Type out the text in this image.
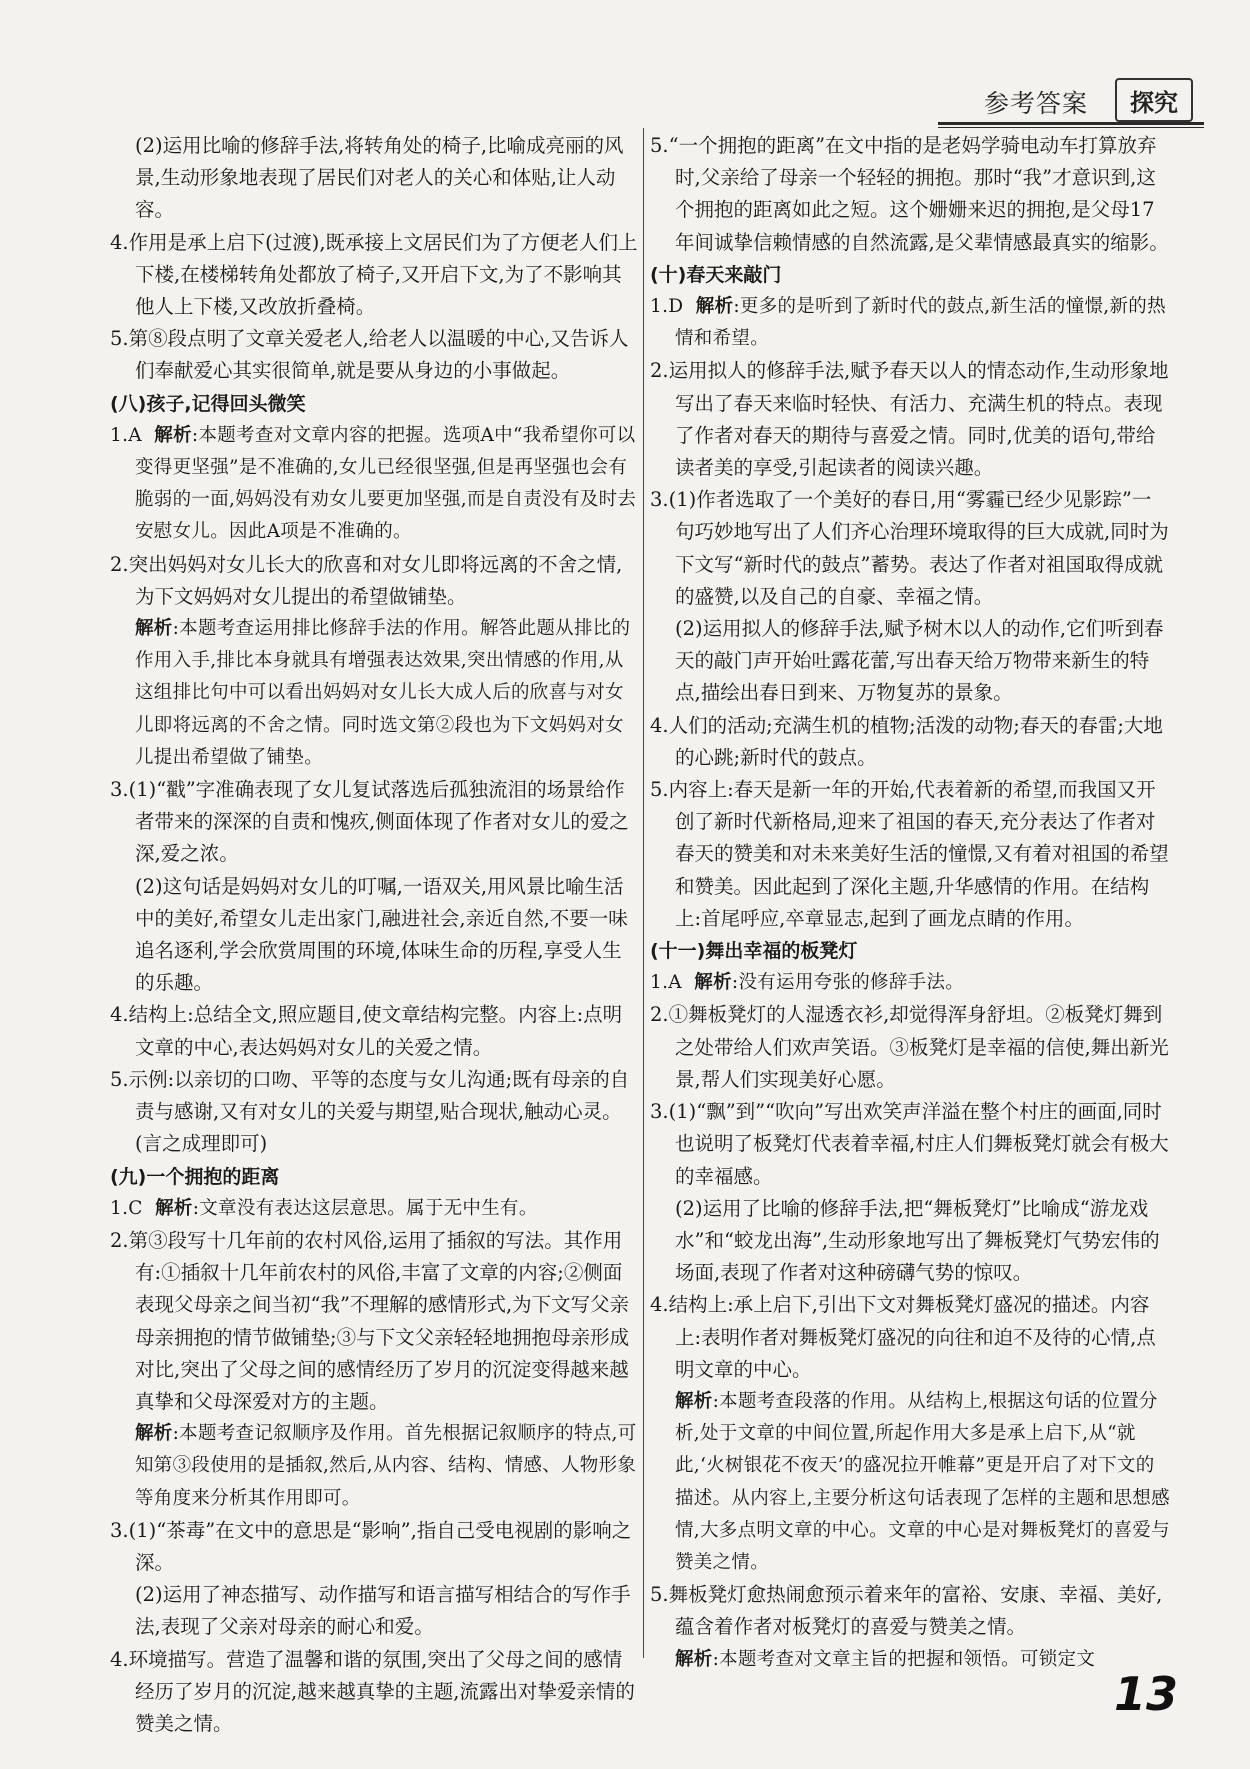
参考答案	探究
(2)运用比喻的修辞手法,将转角处的椅子,比喻成亮丽的风景,生动形象地表现了居民们对老人的关心和体贴,让人动容。
4.作用是承上启下(过渡),既承接上文居民们为了方便老人们上下楼,在楼梯转角处都放了椅子,又开启下文,为了不影响其他人上下楼,又改放折叠椅。
5.第⑧段点明了文章关爱老人,给老人以温暖的中心,又告诉人们奉献爱心其实很简单,就是要从身边的小事做起。
(八)孩子,记得回头微笑
1.A 解析:本题考查对文章内容的把握。选项A中“我希望你可以变得更坚强”是不准确的,女儿已经很坚强,但是再坚强也会有脆弱的一面,妈妈没有劝女儿要更加坚强,而是自责没有及时去安慰女儿。因此A项是不准确的。
2.突出妈妈对女儿长大的欣喜和对女儿即将远离的不舍之情,为下文妈妈对女儿提出的希望做铺垫。
解析:本题考查运用排比修辞手法的作用。解答此题从排比的作用入手,排比本身就具有增强表达效果,突出情感的作用,从这组排比句中可以看出妈妈对女儿长大成人后的欣喜与对女儿即将远离的不舍之情。同时选文第②段也为下文妈妈对女儿提出希望做了铺垫。
3.(1)“戳”字准确表现了女儿复试落选后孤独流泪的场景给作者带来的深深的自责和愧疚,侧面体现了作者对女儿的爱之深,爱之浓。
(2)这句话是妈妈对女儿的叮嘱,一语双关,用风景比喻生活中的美好,希望女儿走出家门,融进社会,亲近自然,不要一味追名逐利,学会欣赏周围的环境,体味生命的历程,享受人生的乐趣。
4.结构上:总结全文,照应题目,使文章结构完整。内容上:点明文章的中心,表达妈妈对女儿的关爱之情。
5.示例:以亲切的口吻、平等的态度与女儿沟通;既有母亲的自责与感谢,又有对女儿的关爱与期望,贴合现状,触动心灵。(言之成理即可)
(九)一个拥抱的距离
1.C 解析:文章没有表达这层意思。属于无中生有。
2.第③段写十几年前的农村风俗,运用了插叙的写法。其作用有:①插叙十几年前农村的风俗,丰富了文章的内容;②侧面表现父母亲之间当初“我”不理解的感情形式,为下文写父亲母亲拥抱的情节做铺垫;③与下文父亲轻轻地拥抱母亲形成对比,突出了父母之间的感情经历了岁月的沉淀变得越来越真挚和父母深爱对方的主题。
解析:本题考查记叙顺序及作用。首先根据记叙顺序的特点,可知第③段使用的是插叙,然后,从内容、结构、情感、人物形象等角度来分析其作用即可。
3.(1)“茶毒”在文中的意思是“影响”,指自己受电视剧的影响之深。
(2)运用了神态描写、动作描写和语言描写相结合的写作手法,表现了父亲对母亲的耐心和爱。
4.环境描写。营造了温馨和谐的氛围,突出了父母之间的感情经历了岁月的沉淀,越来越真挚的主题,流露出对挚爱亲情的赞美之情。
5.“一个拥抱的距离”在文中指的是老妈学骑电动车打算放弃时,父亲给了母亲一个轻轻的拥抱。那时“我”才意识到,这个拥抱的距离如此之短。这个姗姗来迟的拥抱,是父母17年间诚挚信赖情感的自然流露,是父辈情感最真实的缩影。
(十)春天来敲门
1.D 解析:更多的是听到了新时代的鼓点,新生活的憧憬,新的热情和希望。
2.运用拟人的修辞手法,赋予春天以人的情态动作,生动形象地写出了春天来临时轻快、有活力、充满生机的特点。表现了作者对春天的期待与喜爱之情。同时,优美的语句,带给读者美的享受,引起读者的阅读兴趣。
3.(1)作者选取了一个美好的春日,用“雾霾已经少见影踪”一句巧妙地写出了人们齐心治理环境取得的巨大成就,同时为下文写“新时代的鼓点”蓄势。表达了作者对祖国取得成就的盛赞,以及自己的自豪、幸福之情。
(2)运用拟人的修辞手法,赋予树木以人的动作,它们听到春天的敲门声开始吐露花蕾,写出春天给万物带来新生的特点,描绘出春日到来、万物复苏的景象。
4.人们的活动;充满生机的植物;活泼的动物;春天的春雷;大地的心跳;新时代的鼓点。
5.内容上:春天是新一年的开始,代表着新的希望,而我国又开创了新时代新格局,迎来了祖国的春天,充分表达了作者对春天的赞美和对未来美好生活的憧憬,又有着对祖国的希望和赞美。因此起到了深化主题,升华感情的作用。在结构上:首尾呼应,卒章显志,起到了画龙点睛的作用。
(十一)舞出幸福的板凳灯
1.A 解析:没有运用夸张的修辞手法。
2.①舞板凳灯的人湿透衣衫,却觉得浑身舒坦。②板凳灯舞到之处带给人们欢声笑语。③板凳灯是幸福的信使,舞出新光景,帮人们实现美好心愿。
3.(1)“飘”到”“吹向”写出欢笑声洋溢在整个村庄的画面,同时也说明了板凳灯代表着幸福,村庄人们舞板凳灯就会有极大的幸福感。
(2)运用了比喻的修辞手法,把“舞板凳灯”比喻成“游龙戏水”和“蛟龙出海”,生动形象地写出了舞板凳灯气势宏伟的场面,表现了作者对这种磅礴气势的惊叹。
4.结构上:承上启下,引出下文对舞板凳灯盛况的描述。内容上:表明作者对舞板凳灯盛况的向往和迫不及待的心情,点明文章的中心。
解析:本题考查段落的作用。从结构上,根据这句话的位置分析,处于文章的中间位置,所起作用大多是承上启下,从“就此,‘火树银花不夜天’的盛况拉开帷幕”更是开启了对下文的描述。从内容上,主要分析这句话表现了怎样的主题和思想感情,大多点明文章的中心。文章的中心是对舞板凳灯的喜爱与赞美之情。
5.舞板凳灯愈热闹愈预示着来年的富裕、安康、幸福、美好,蕴含着作者对板凳灯的喜爱与赞美之情。
解析:本题考查对文章主旨的把握和领悟。可锁定文
13
